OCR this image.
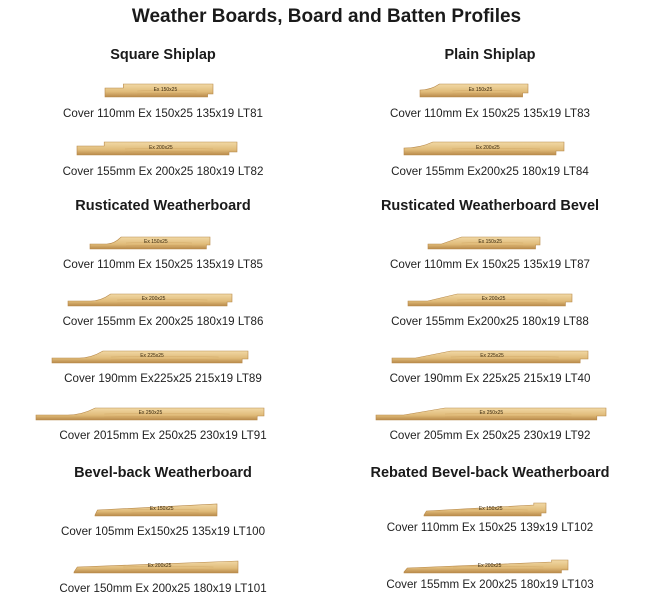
Weather Boards, Board and Batten Profiles
Square Shiplap
Ex 150x25
Cover 110mm Ex 150x25 135x19 LT81
Ex 200x25
Cover 155mm Ex 200x25 180x19 LT82
Plain Shiplap
Ex 150x25
Cover 110mm Ex 150x25 135x19 LT83
Ex 200x25
Cover 155mm Ex200x25 180x19 LT84
Rusticated Weatherboard
Ex 150x25
Cover 110mm Ex 150x25 135x19 LT85
Ex 200x25
Cover 155mm Ex 200x25 180x19 LT86
Ex 225x25
Cover 190mm Ex225x25 215x19 LT89
Ex 250x25
Cover 2015mm Ex 250x25 230x19 LT91
Rusticated Weatherboard Bevel
Ex 150x25
Cover 110mm Ex 150x25 135x19 LT87
Ex 200x25
Cover 155mm Ex200x25 180x19 LT88
Ex 225x25
Cover 190mm Ex 225x25 215x19 LT40
Ex 250x25
Cover 205mm Ex 250x25 230x19 LT92
Bevel-back Weatherboard
Ex 150x25
Cover 105mm Ex150x25 135x19 LT100
Ex 200x25
Cover 150mm Ex 200x25 180x19 LT101
Rebated Bevel-back Weatherboard
Ex 150x25
Cover 110mm Ex 150x25 139x19 LT102
Ex 200x25
Cover 155mm Ex 200x25 180x19 LT103
